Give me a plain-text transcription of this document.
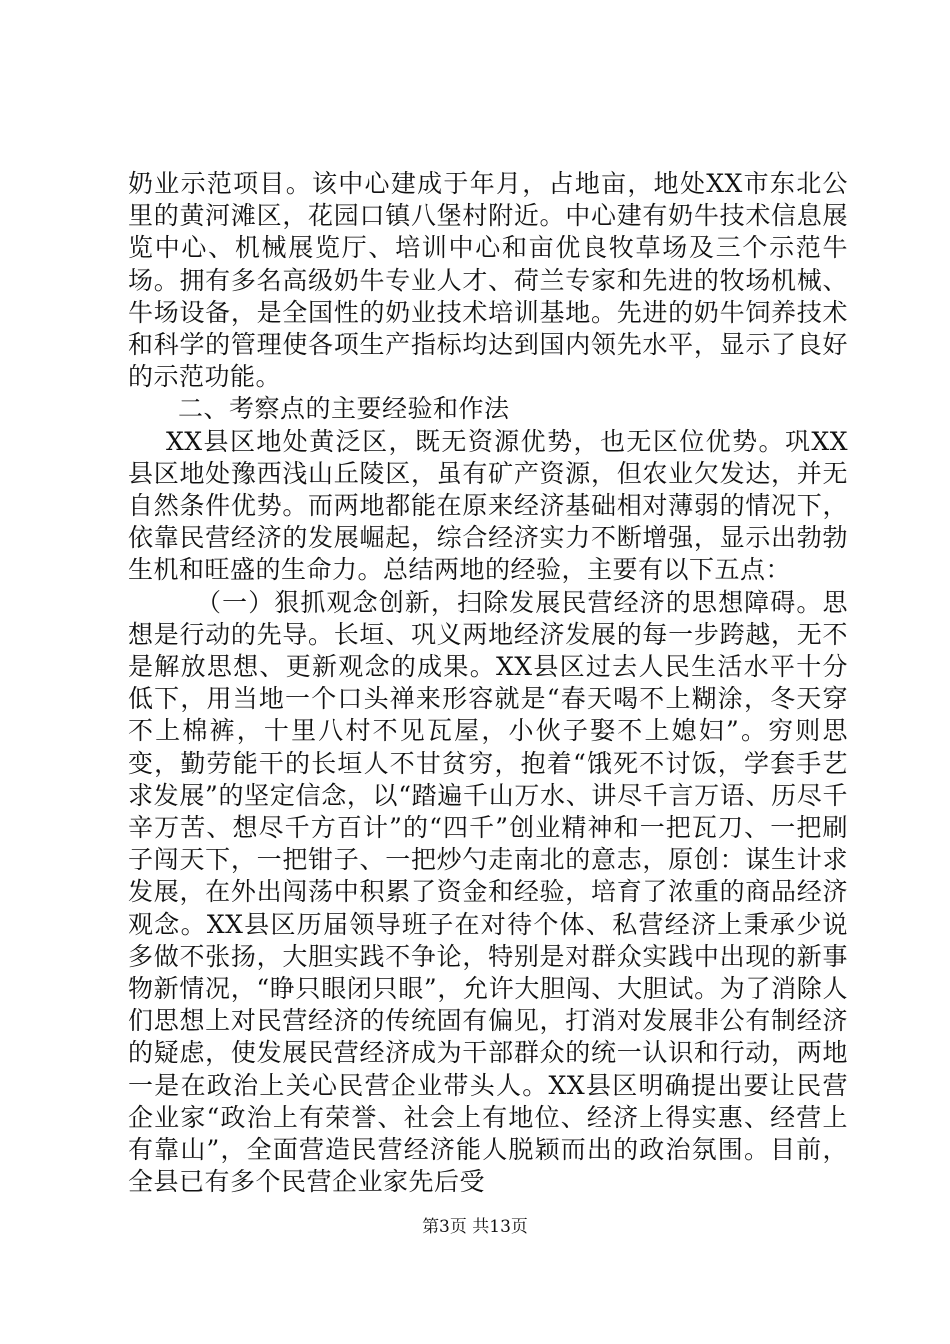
奶业示范项目。该中心建成于年月，占地亩，地处XX市东北公里的黄河滩区，花园口镇八堡村附近。中心建有奶牛技术信息展览中心、机械展览厅、培训中心和亩优良牧草场及三个示范牛场。拥有多名高级奶牛专业人才、荷兰专家和先进的牧场机械、牛场设备，是全国性的奶业技术培训基地。先进的奶牛饲养技术和科学的管理使各项生产指标均达到国内领先水平，显示了良好的示范功能。

二、考察点的主要经验和作法

XX县区地处黄泛区，既无资源优势，也无区位优势。巩XX县区地处豫西浅山丘陵区，虽有矿产资源，但农业欠发达，并无自然条件优势。而两地都能在原来经济基础相对薄弱的情况下，依靠民营经济的发展崛起，综合经济实力不断增强，显示出勃勃生机和旺盛的生命力。总结两地的经验，主要有以下五点：

（一）狠抓观念创新，扫除发展民营经济的思想障碍。思想是行动的先导。长垣、巩义两地经济发展的每一步跨越，无不是解放思想、更新观念的成果。XX县区过去人民生活水平十分低下，用当地一个口头禅来形容就是“春天喝不上糊涂，冬天穿不上棉裤，十里八村不见瓦屋，小伙子娶不上媳妇”。穷则思变，勤劳能干的长垣人不甘贫穷，抱着“饿死不讨饭，学套手艺求发展”的坚定信念，以“踏遍千山万水、讲尽千言万语、历尽千辛万苦、想尽千方百计”的“四千”创业精神和一把瓦刀、一把刷子闯天下，一把钳子、一把炒勺走南北的意志，原创：谋生计求发展，在外出闯荡中积累了资金和经验，培育了浓重的商品经济观念。XX县区历届领导班子在对待个体、私营经济上秉承少说多做不张扬，大胆实践不争论，特别是对群众实践中出现的新事物新情况，“睁只眼闭只眼”，允许大胆闯、大胆试。为了消除人们思想上对民营经济的传统固有偏见，打消对发展非公有制经济的疑虑，使发展民营经济成为干部群众的统一认识和行动，两地一是在政治上关心民营企业带头人。XX县区明确提出要让民营企业家“政治上有荣誉、社会上有地位、经济上得实惠、经营上有靠山”，全面营造民营经济能人脱颖而出的政治氛围。目前，全县已有多个民营企业家先后受

第3页 共13页
